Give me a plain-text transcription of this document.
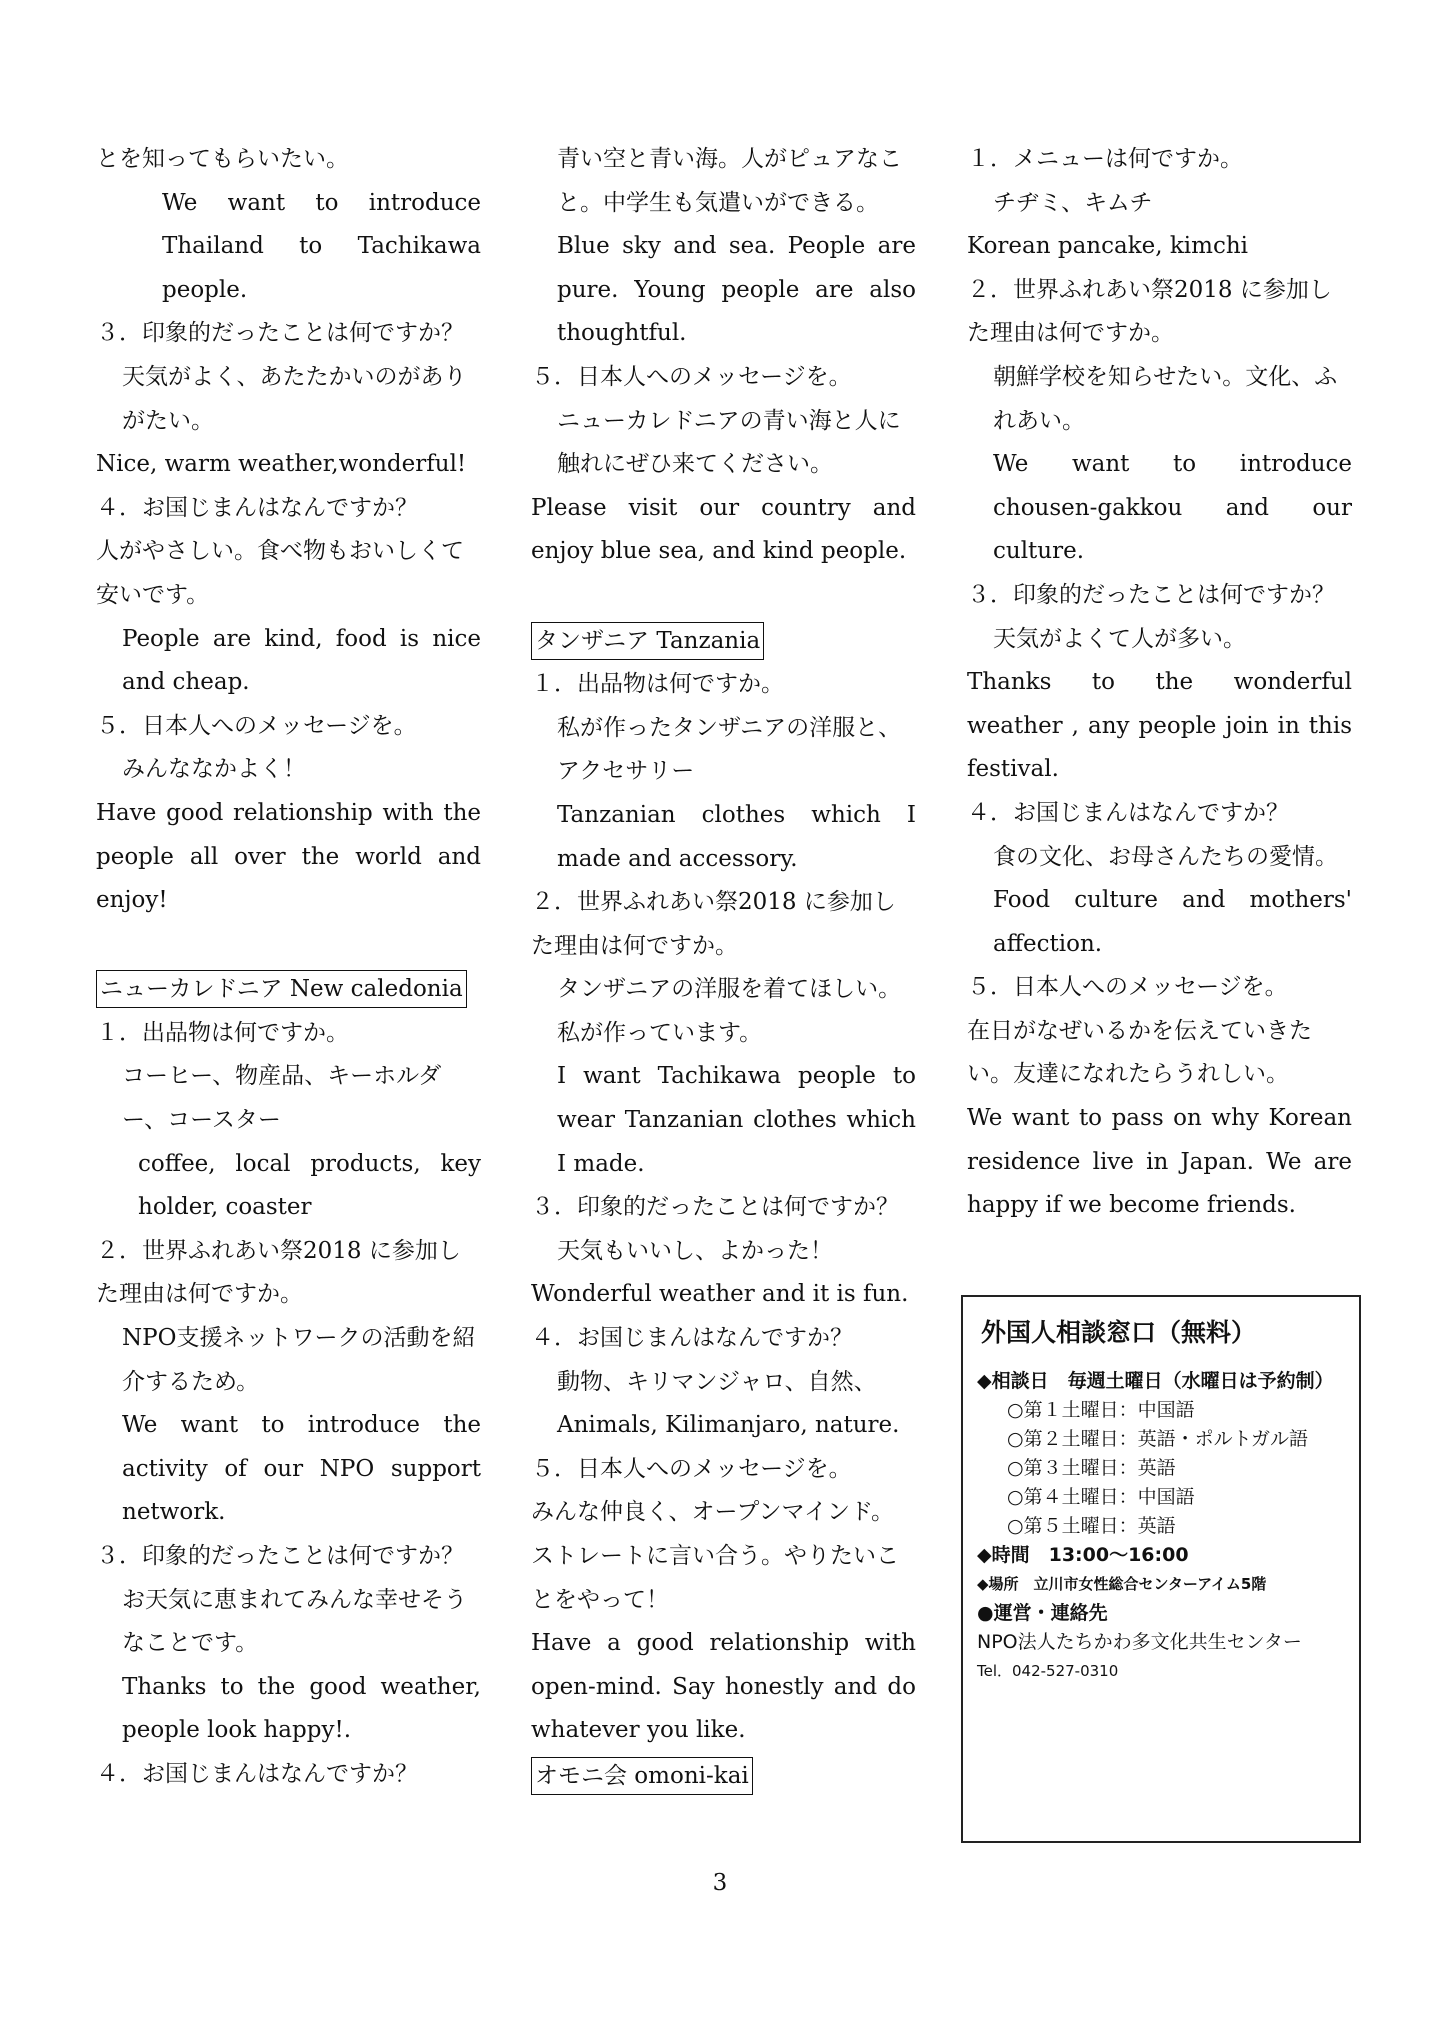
とを知ってもらいたい。

We want to introduce Thailand to Tachikawa people.

３．印象的だったことは何ですか？

天気がよく、あたたかいのがありがたい。

Nice, warm weather,wonderful!

４．お国じまんはなんですか？

人がやさしい。食べ物もおいしくて安いです。

People are kind, food is nice and cheap.

５．日本人へのメッセージを。

みんななかよく！

Have good relationship with the people all over the world and enjoy!

ニューカレドニア New caledonia

１．出品物は何ですか。

コーヒー、物産品、キーホルダー、コースター

coffee, local products, key holder, coaster

２．世界ふれあい祭2018 に参加した理由は何ですか。

NPO支援ネットワークの活動を紹介するため。

We want to introduce the activity of our NPO support network.

３．印象的だったことは何ですか？

お天気に恵まれてみんな幸せそうなことです。

Thanks to the good weather, people look happy!.

４．お国じまんはなんですか？

青い空と青い海。人がピュアなこと。中学生も気遣いができる。

Blue sky and sea. People are pure. Young people are also thoughtful.

５．日本人へのメッセージを。

ニューカレドニアの青い海と人に触れにぜひ来てください。

Please visit our country and enjoy blue sea, and kind people.

タンザニア Tanzania

１．出品物は何ですか。

私が作ったタンザニアの洋服と、アクセサリー

Tanzanian clothes which I made and accessory.

２．世界ふれあい祭2018 に参加した理由は何ですか。

タンザニアの洋服を着てほしい。私が作っています。

I want Tachikawa people to wear Tanzanian clothes which I made.

３．印象的だったことは何ですか？

天気もいいし、よかった！

Wonderful weather and it is fun.

４．お国じまんはなんですか？

動物、キリマンジャロ、自然、

Animals, Kilimanjaro, nature.

５．日本人へのメッセージを。

みんな仲良く、オープンマインド。ストレートに言い合う。やりたいことをやって！

Have a good relationship with open-mind. Say honestly and do whatever you like.

オモニ会 omoni-kai

１．メニューは何ですか。

チヂミ、キムチ

Korean pancake, kimchi

２．世界ふれあい祭2018 に参加した理由は何ですか。

朝鮮学校を知らせたい。文化、ふれあい。

We want to introduce chousen-gakkou and our culture.

３．印象的だったことは何ですか？

天気がよくて人が多い。

Thanks to the wonderful weather , any people join in this festival.

４．お国じまんはなんですか？

食の文化、お母さんたちの愛情。

Food culture and mothers' affection.

５．日本人へのメッセージを。

在日がなぜいるかを伝えていきたい。友達になれたらうれしい。

We want to pass on why Korean residence live in Japan. We are happy if we become friends.

外国人相談窓口（無料）

◆相談日　毎週土曜日（水曜日は予約制）

○第１土曜日：中国語

○第２土曜日：英語・ポルトガル語

○第３土曜日：英語

○第４土曜日：中国語

○第５土曜日：英語

◆時間　13:00～16:00

◆場所　立川市女性総合センターアイム5階

●運営・連絡先

NPO法人たちかわ多文化共生センター

Tel．042-527-0310

3
